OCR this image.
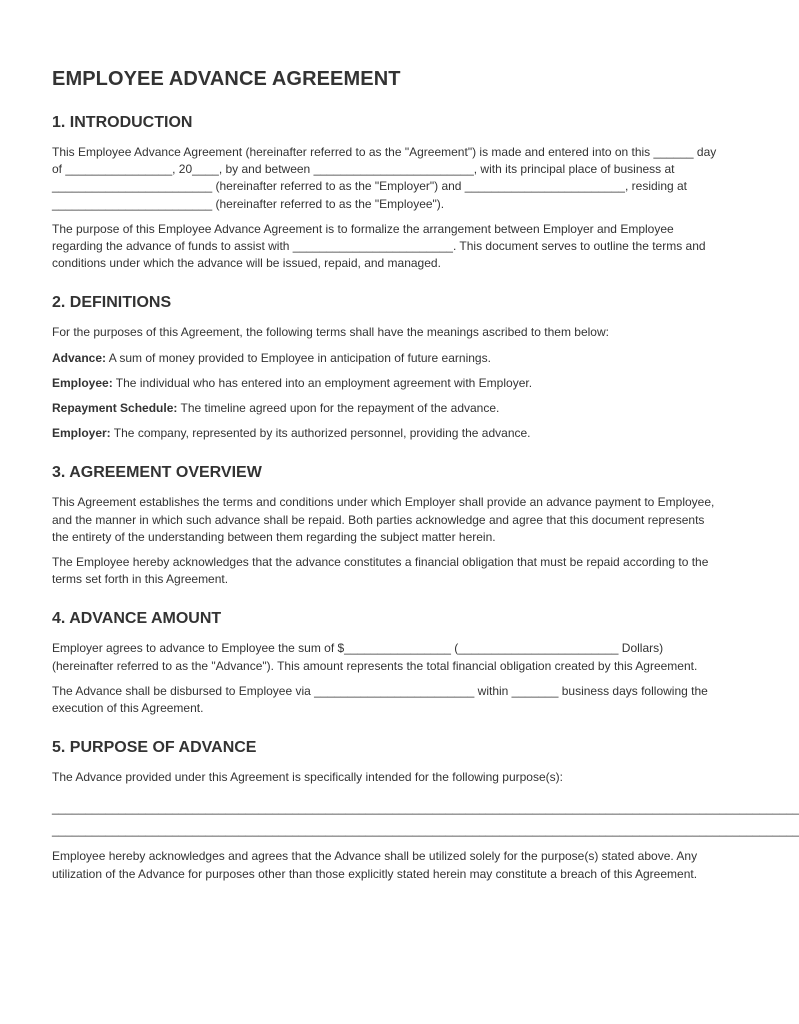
EMPLOYEE ADVANCE AGREEMENT
1. INTRODUCTION

This Employee Advance Agreement (hereinafter referred to as the "Agreement") is made and entered into on this ______ day of ________________, 20____, by and between ________________________, with its principal place of business at ________________________ (hereinafter referred to as the "Employer") and ________________________, residing at ________________________ (hereinafter referred to as the "Employee").

The purpose of this Employee Advance Agreement is to formalize the arrangement between Employer and Employee regarding the advance of funds to assist with ________________________. This document serves to outline the terms and conditions under which the advance will be issued, repaid, and managed.

2. DEFINITIONS

For the purposes of this Agreement, the following terms shall have the meanings ascribed to them below:

Advance: A sum of money provided to Employee in anticipation of future earnings.

Employee: The individual who has entered into an employment agreement with Employer.

Repayment Schedule: The timeline agreed upon for the repayment of the advance.

Employer: The company, represented by its authorized personnel, providing the advance.

3. AGREEMENT OVERVIEW

This Agreement establishes the terms and conditions under which Employer shall provide an advance payment to Employee, and the manner in which such advance shall be repaid. Both parties acknowledge and agree that this document represents the entirety of the understanding between them regarding the subject matter herein.

The Employee hereby acknowledges that the advance constitutes a financial obligation that must be repaid according to the terms set forth in this Agreement.

4. ADVANCE AMOUNT

Employer agrees to advance to Employee the sum of $________________ (________________________ Dollars) (hereinafter referred to as the "Advance"). This amount represents the total financial obligation created by this Agreement.

The Advance shall be disbursed to Employee via ________________________ within _______ business days following the execution of this Agreement.

5. PURPOSE OF ADVANCE

The Advance provided under this Agreement is specifically intended for the following purpose(s):

________________________________________________________________________________________________________________
________________________________________________________________________________________________________________

Employee hereby acknowledges and agrees that the Advance shall be utilized solely for the purpose(s) stated above. Any utilization of the Advance for purposes other than those explicitly stated herein may constitute a breach of this Agreement.
